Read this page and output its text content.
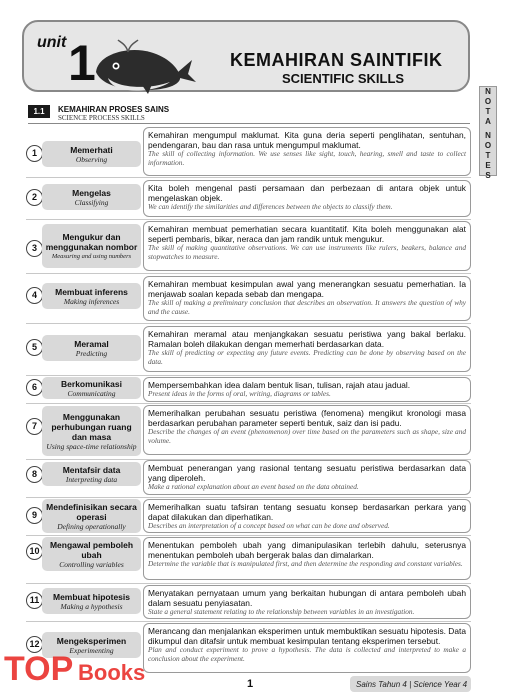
unit 1	KEMAHIRAN SAINTIFIK
SCIENTIFIC SKILLS
N
O
T
A
N
O
T
E
S
1.1	KEMAHIRAN PROSES SAINS
SCIENCE PROCESS SKILLS
1	Memerhati
Observing
Kemahiran mengumpul maklumat. Kita guna deria seperti penglihatan, sentuhan, pendengaran, bau dan rasa untuk mengumpul maklumat.
The skill of collecting information. We use senses like sight, touch, hearing, smell and taste to collect information.
2	Mengelas
Classifying
Kita boleh mengenal pasti persamaan dan perbezaan di antara objek untuk mengelaskan objek.
We can identify the similarities and differences between the objects to classify them.
3
Mengukur dan menggunakan nombor
Measuring and using numbers
Kemahiran membuat pemerhatian secara kuantitatif. Kita boleh menggunakan alat seperti pembaris, bikar, neraca dan jam randik untuk mengukur.
The skill of making quantitative observations. We can use instruments like rulers, beakers, balance and stopwatches to measure.
4	Membuat inferens
Making inferences
Kemahiran membuat kesimpulan awal yang menerangkan sesuatu pemerhatian. Ia menjawab soalan kepada sebab dan mengapa.
The skill of making a preliminary conclusion that describes an observation. It answers the question of why and the cause.
5	Meramal
Predicting
Kemahiran meramal atau menjangkakan sesuatu peristiwa yang bakal berlaku. Ramalan boleh dilakukan dengan memerhati berdasarkan data.
The skill of predicting or expecting any future events. Predicting can be done by observing based on the data.
6	Berkomunikasi
Communicating
Mempersembahkan idea dalam bentuk lisan, tulisan, rajah atau jadual.
Present ideas in the forms of oral, writing, diagrams or tables.
7
Menggunakan perhubungan ruang dan masa
Using space-time relationship
Memerihalkan perubahan sesuatu peristiwa (fenomena) mengikut kronologi masa berdasarkan perubahan parameter seperti bentuk, saiz dan isi padu.
Describe the changes of an event (phenomenon) over time based on the parameters such as shape, size and volume.
8	Mentafsir data
Interpreting data
Membuat penerangan yang rasional tentang sesuatu peristiwa berdasarkan data yang diperoleh.
Make a rational explanation about an event based on the data obtained.
9
Mendefinisikan secara operasi
Defining operationally
Memerihalkan suatu tafsiran tentang sesuatu konsep berdasarkan perkara yang dapat dilakukan dan diperhatikan.
Describes an interpretation of a concept based on what can be done and observed.
10
Mengawal pemboleh ubah
Controlling variables
Menentukan pemboleh ubah yang dimanipulasikan terlebih dahulu, seterusnya menentukan pemboleh ubah bergerak balas dan dimalarkan.
Determine the variable that is manipulated first, and then determine the responding and constant variables.
11	Membuat hipotesis
Making a hypothesis
Menyatakan pernyataan umum yang berkaitan hubungan di antara pemboleh ubah dalam sesuatu penyiasatan.
State a general statement relating to the relationship between variables in an investigation.
12	Mengeksperimen
Experimenting
Merancang dan menjalankan eksperimen untuk membuktikan sesuatu hipotesis. Data dikumpul dan ditafsir untuk membuat kesimpulan tentang eksperimen tersebut.
Plan and conduct experiment to prove a hypothesis. The data is collected and interpreted to make a conclusion about the experiment.
TOP Books	1	Sains Tahun 4 | Science Year 4
